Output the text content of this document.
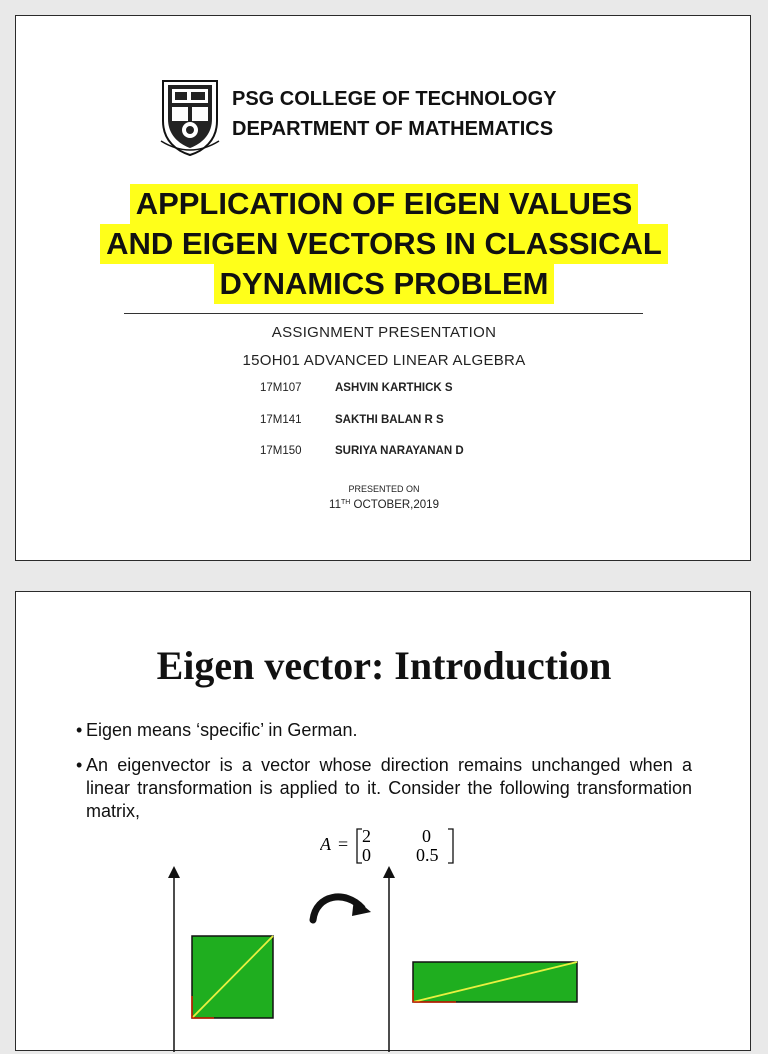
PSG COLLEGE OF TECHNOLOGY
DEPARTMENT OF MATHEMATICS
APPLICATION OF EIGEN VALUES
AND EIGEN VECTORS IN CLASSICAL
DYNAMICS PROBLEM
ASSIGNMENT PRESENTATION
15OH01 ADVANCED LINEAR ALGEBRA
17M107	ASHVIN KARTHICK S
17M141	SAKTHI BALAN R S
17M150	SURIYA NARAYANAN D
PRESENTED ON
11TH OCTOBER,2019
Eigen vector: Introduction
• Eigen means ‘specific’ in German.
• An eigenvector is a vector whose direction remains unchanged when a linear transformation is applied to it. Consider the following transformation matrix,
A = 2	0
0	0.5
